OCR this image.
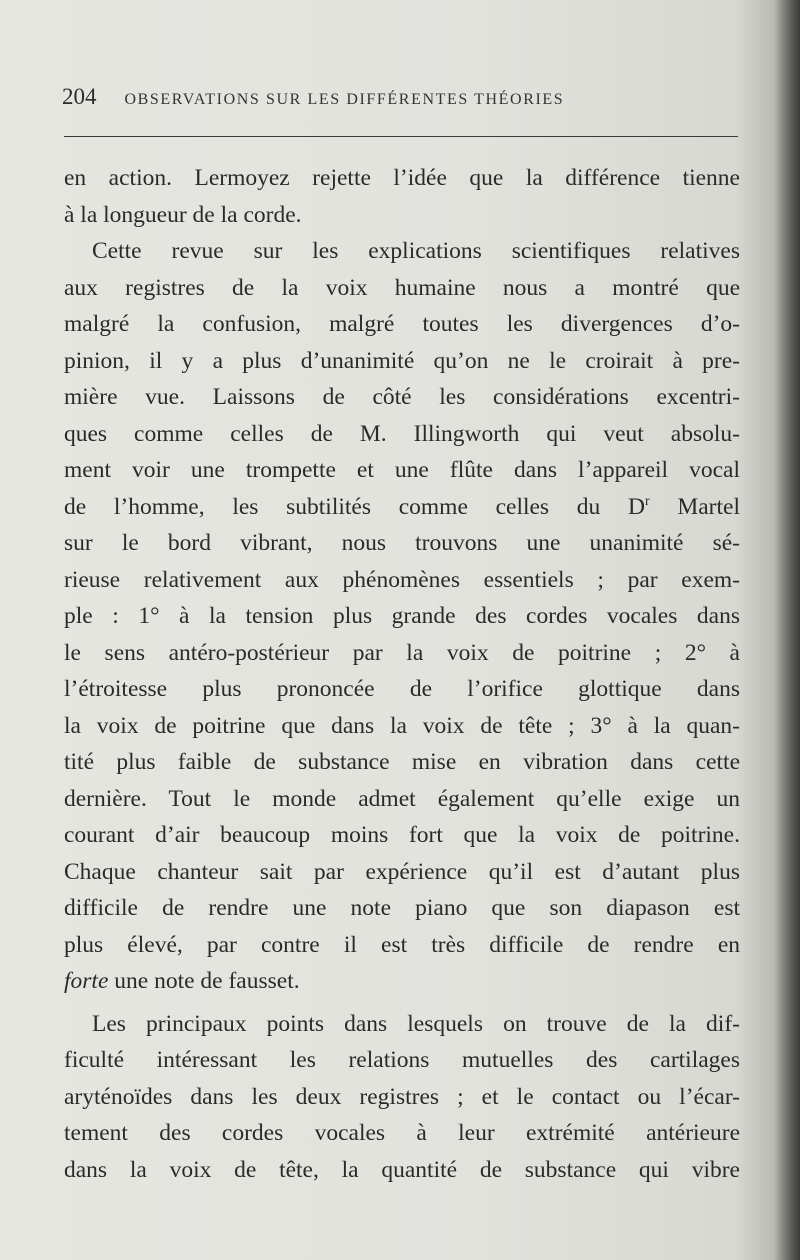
204 OBSERVATIONS SUR LES DIFFÉRENTES THÉORIES
en action. Lermoyez rejette l’idée que la différence tienne
à la longueur de la corde.
Cette revue sur les explications scientifiques relatives
aux registres de la voix humaine nous a montré que
malgré la confusion, malgré toutes les divergences d’o-
pinion, il y a plus d’unanimité qu’on ne le croirait à pre-
mière vue. Laissons de côté les considérations excentri-
ques comme celles de M. Illingworth qui veut absolu-
ment voir une trompette et une flûte dans l’appareil vocal
de l’homme, les subtilités comme celles du $D^r$ Martel
sur le bord vibrant, nous trouvons une unanimité sé-
rieuse relativement aux phénomènes essentiels ; par exem-
ple : 1° à la tension plus grande des cordes vocales dans
le sens antéro-postérieur par la voix de poitrine ; 2° à
l’étroitesse plus prononcée de l’orifice glottique dans
la voix de poitrine que dans la voix de tête ; 3° à la quan-
tité plus faible de substance mise en vibration dans cette
dernière. Tout le monde admet également qu’elle exige un
courant d’air beaucoup moins fort que la voix de poitrine.
Chaque chanteur sait par expérience qu’il est d’autant plus
difficile de rendre une note piano que son diapason est
plus élevé, par contre il est très difficile de rendre en
forte une note de fausset.
Les principaux points dans lesquels on trouve de la dif-
ficulté intéressant les relations mutuelles des cartilages
aryténoïdes dans les deux registres ; et le contact ou l’écar-
tement des cordes vocales à leur extrémité antérieure
dans la voix de tête, la quantité de substance qui vibre
